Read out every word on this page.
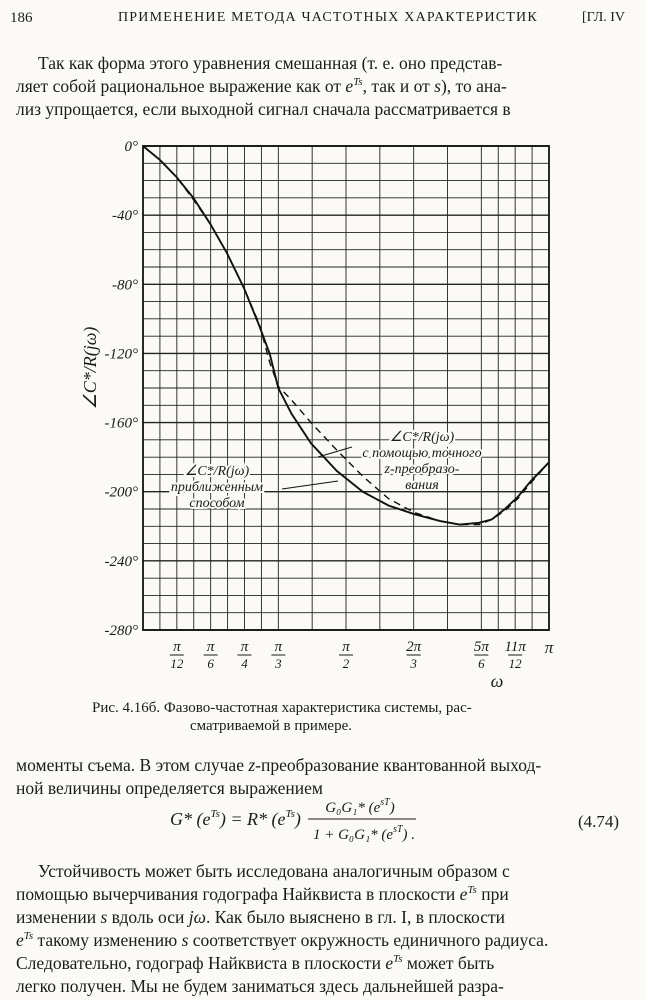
186	ПРИМЕНЕНИЕ МЕТОДА ЧАСТОТНЫХ ХАРАКТЕРИСТИК	[ГЛ. IV
Так как форма этого уравнения смешанная (т. е. оно представ-
ляет собой рациональное выражение как от $e^{Ts}$, так и от s), то ана-
лиз упрощается, если выходной сигнал сначала рассматривается в
0°
-40°
-80°
-120°
-160°
-200°
-240°
-280°
π
12
π
6
π
4
π
3
π
2
2π
3
5π
6
11π
12
π
∠C*/R(jω)
ω
∠C*/R(jω)
приближенным
способом
∠C*/R(jω)
с помощью точного
z-преобразо-
вания
Рис. 4.16б. Фазово-частотная характеристика системы, рас-
сматриваемой в примере.
моменты съема. В этом случае z-преобразование квантованной выход-
ной величины определяется выражением
G* $(e^{Ts}) = R*$ $(e^{Ts})$
G₀G₁* $(e^{sT})$
1 + G₀G₁* $(e^{sT})$ .
(4.74)
Устойчивость может быть исследована аналогичным образом с
помощью вычерчивания годографа Найквиста в плоскости $e^{Ts}$ при
изменении s вдоль оси jω. Как было выяснено в гл. I, в плоскости
$e^{Ts}$ такому изменению s соответствует окружность единичного радиуса.
Следовательно, годограф Найквиста в плоскости $e^{Ts}$ может быть
легко получен. Мы не будем заниматься здесь дальнейшей разра-
